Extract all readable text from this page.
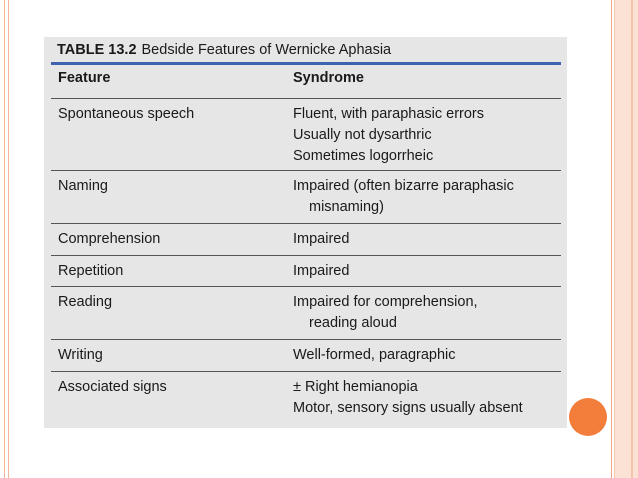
TABLE 13.2 Bedside Features of Wernicke Aphasia
Feature	Syndrome
Spontaneous speech	Fluent, with paraphasic errors
Usually not dysarthric
Sometimes logorrheic
Naming	Impaired (often bizarre paraphasic
misnaming)
Comprehension	Impaired
Repetition	Impaired
Reading	Impaired for comprehension,
reading aloud
Writing	Well-formed, paragraphic
Associated signs	± Right hemianopia
Motor, sensory signs usually absent
